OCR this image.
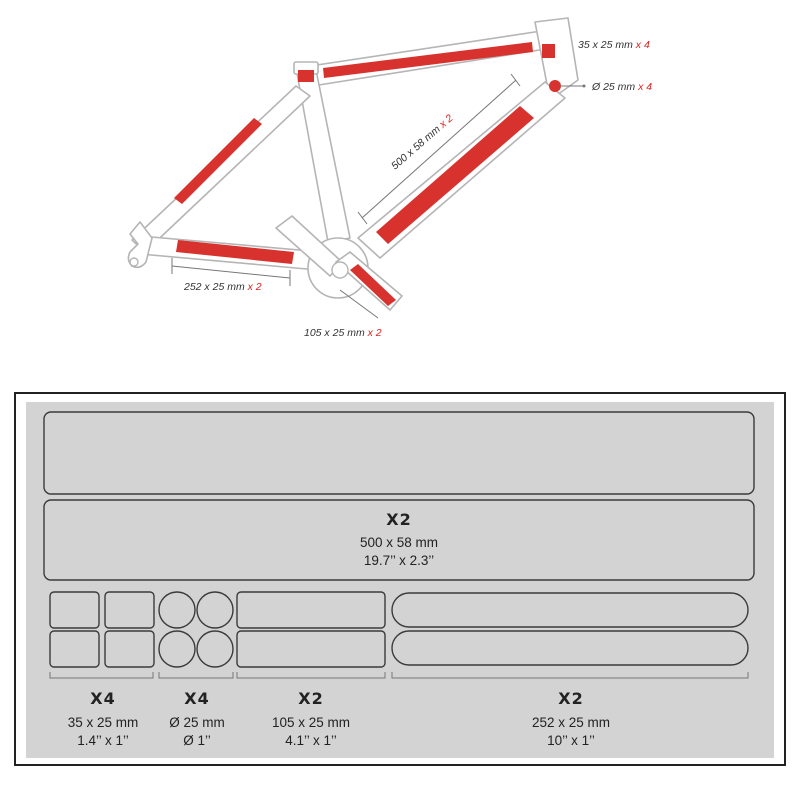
35 x 25 mm x 4
Ø 25 mm x 4
500 x 58 mm x 2
252 x 25 mm x 2
105 x 25 mm x 2
X2
500 x 58 mm
19.7’’ x 2.3’’
X4
35 x 25 mm
1.4’’ x 1’’
X4
Ø 25 mm
Ø 1’’
X2
105 x 25 mm
4.1’’ x 1’’
X2
252 x 25 mm
10’’ x 1’’
